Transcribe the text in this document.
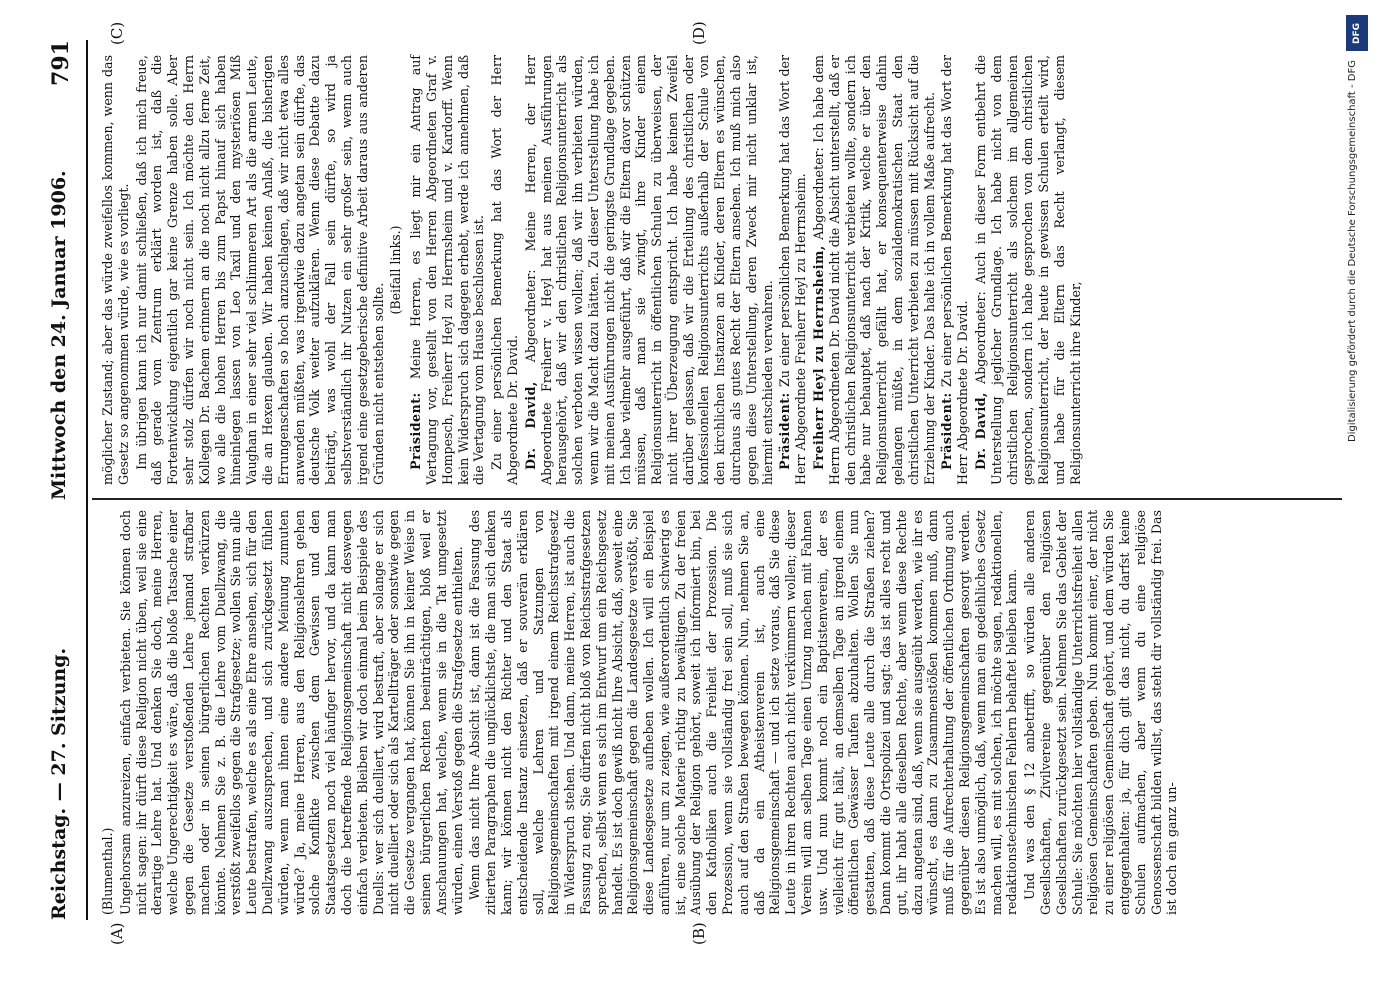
Reichstag. — 27. Sitzung.
Mittwoch den 24. Januar 1906.
791
(A)	(B)
(C)	(D)

(Blumenthal.) Ungehorsam anzureizen, einfach verbieten. Sie können doch nicht sagen: ihr dürft diese Religion nicht üben, weil sie eine derartige Lehre hat. Und denken Sie doch, meine Herren, welche Ungerechtigkeit es wäre, daß die bloße Tatsache einer gegen die Gesetze verstoßenden Lehre jemand strafbar machen oder in seinen bürgerlichen Rechten verkürzen könnte. Nehmen Sie z. B. die Lehre vom Duellzwang, die verstößt zweifellos gegen die Strafgesetze; wollen Sie nun alle Leute bestrafen, welche es als eine Ehre ansehen, sich für den Duellzwang auszusprechen, und sich zurückgesetzt fühlen würden, wenn man ihnen eine andere Meinung zumuten würde? Ja, meine Herren, aus den Religionslehren gehen solche Konflikte zwischen dem Gewissen und den Staatsgesetzen noch viel häufiger hervor, und da kann man doch die betreffende Religionsgemeinschaft nicht deswegen einfach verbieten. Bleiben wir doch einmal beim Beispiele des Duells: wer sich duelliert, wird bestraft, aber solange er sich nicht duelliert oder sich als Kartellträger oder sonstwie gegen die Gesetze vergangen hat, können Sie ihn in keiner Weise in seinen bürgerlichen Rechten beeinträchtigen, bloß weil er Anschauungen hat, welche, wenn sie in die Tat umgesetzt würden, einen Verstoß gegen die Strafgesetze enthielten. Wenn das nicht Ihre Absicht ist, dann ist die Fassung des zitierten Paragraphen die unglücklichste, die man sich denken kann; wir können nicht den Richter und den Staat als entscheidende Instanz einsetzen, daß er souverän erklären soll, welche Lehren und Satzungen von Religionsgemeinschaften mit irgend einem Reichsstrafgesetz in Widerspruch stehen. Und dann, meine Herren, ist auch die Fassung zu eng. Sie dürfen nicht bloß von Reichsstrafgesetzen sprechen, selbst wenn es sich im Entwurf um ein Reichsgesetz handelt. Es ist doch gewiß nicht Ihre Absicht, daß, soweit eine Religionsgemeinschaft gegen die Landesgesetze verstößt, Sie diese Landesgesetze aufheben wollen. Ich will ein Beispiel anführen, nur um zu zeigen, wie außerordentlich schwierig es ist, eine solche Materie richtig zu bewältigen. Zu der freien Ausübung der Religion gehört, soweit ich informiert bin, bei den Katholiken auch die Freiheit der Prozession. Die Prozession, wenn sie vollständig frei sein soll, muß sie sich auch auf den Straßen bewegen können. Nun, nehmen Sie an, daß da ein Atheistenverein ist, auch eine Religionsgemeinschaft — und ich setze voraus, daß Sie diese Leute in ihren Rechten auch nicht verkümmern wollen; dieser Verein will am selben Tage einen Umzug machen mit Fahnen usw. Und nun kommt noch ein Baptistenverein, der es vielleicht für gut hält, an demselben Tage an irgend einem öffentlichen Gewässer Taufen abzuhalten. Wollen Sie nun gestatten, daß diese Leute alle durch die Straßen ziehen? Dann kommt die Ortspolizei und sagt: das ist alles recht und gut, ihr habt alle dieselben Rechte, aber wenn diese Rechte dazu angetan sind, daß, wenn sie ausgeübt werden, wie ihr es wünscht, es dann zu Zusammenstößen kommen muß, dann muß für die Aufrechterhaltung der öffentlichen Ordnung auch gegenüber diesen Religionsgemeinschaften gesorgt werden. Es ist also unmöglich, daß, wenn man ein gedeihliches Gesetz machen will, es mit solchen, ich möchte sagen, redaktionellen, redaktionstechnischen Fehlern behaftet bleiben kann. Und was den § 12 anbetrifft, so würden alle anderen Gesellschaften, Zivilvereine gegenüber den religiösen Gesellschaften zurückgesetzt sein. Nehmen Sie das Gebiet der Schule: Sie möchten hier vollständige Unterrichtsfreiheit allen religiösen Gemeinschaften geben. Nun kommt einer, der nicht zu einer religiösen Gemeinschaft gehört, und dem würden Sie entgegenhalten: ja, für dich gilt das nicht, du darfst keine Schulen aufmachen, aber wenn du eine religiöse Genossenschaft bilden willst, das steht dir vollständig frei. Das ist doch ein ganz un-

möglicher Zustand; aber das würde zweifellos kommen, wenn das Gesetz so angenommen würde, wie es vorliegt. Im übrigen kann ich nur damit schließen, daß ich mich freue, daß gerade vom Zentrum erklärt worden ist, daß die Fortentwicklung eigentlich gar keine Grenze haben solle. Aber sehr stolz dürfen wir noch nicht sein. Ich möchte den Herrn Kollegen Dr. Bachem erinnern an die noch nicht allzu ferne Zeit, wo alle die hohen Herren bis zum Papst hinauf sich haben hineinlegen lassen von Leo Taxil und den mysteriösen Miß Vaughan in einer sehr viel schlimmeren Art als die armen Leute, die an Hexen glauben. Wir haben keinen Anlaß, die bisherigen Errungenschaften so hoch anzuschlagen, daß wir nicht etwa alles anwenden müßten, was irgendwie dazu angetan sein dürfte, das deutsche Volk weiter aufzuklären. Wenn diese Debatte dazu beiträgt, was wohl der Fall sein dürfte, so wird ja selbstverständlich ihr Nutzen ein sehr großer sein, wenn auch irgend eine gesetzgeberische definitive Arbeit daraus aus anderen Gründen nicht entstehen sollte.

(Beifall links.)

Präsident: Meine Herren, es liegt mir ein Antrag auf Vertagung vor, gestellt von den Herren Abgeordneten Graf v. Hompesch, Freiherr Heyl zu Herrnsheim und v. Kardorff. Wenn kein Widerspruch sich dagegen erhebt, werde ich annehmen, daß die Vertagung vom Hause beschlossen ist. Zu einer persönlichen Bemerkung hat das Wort der Herr Abgeordnete Dr. David. Dr. David, Abgeordneter: Meine Herren, der Herr Abgeordnete Freiherr v. Heyl hat aus meinen Ausführungen herausgehört, daß wir den christlichen Religionsunterricht als solchen verboten wissen wollen; daß wir ihn verbieten würden, wenn wir die Macht dazu hätten. Zu dieser Unterstellung habe ich mit meinen Ausführungen nicht die geringste Grundlage gegeben. Ich habe vielmehr ausgeführt, daß wir die Eltern davor schützen müssen, daß man sie zwingt, ihre Kinder einem Religionsunterricht in öffentlichen Schulen zu überweisen, der nicht ihrer Überzeugung entspricht. Ich habe keinen Zweifel darüber gelassen, daß wir die Erteilung des christlichen oder konfessionellen Religionsunterrichts außerhalb der Schule von den kirchlichen Instanzen an Kinder, deren Eltern es wünschen, durchaus als gutes Recht der Eltern ansehen. Ich muß mich also gegen diese Unterstellung, deren Zweck mir nicht unklar ist, hiermit entschieden verwahren. Präsident: Zu einer persönlichen Bemerkung hat das Wort der Herr Abgeordnete Freiherr Heyl zu Herrnsheim. Freiherr Heyl zu Herrnsheim, Abgeordneter: Ich habe dem Herrn Abgeordneten Dr. David nicht die Absicht unterstellt, daß er den christlichen Religionsunterricht verbieten wollte, sondern ich habe nur behauptet, daß nach der Kritik, welche er über den Religionsunterricht gefällt hat, er konsequenterweise dahin gelangen müßte, in dem sozialdemokratischen Staat den christlichen Unterricht verbieten zu müssen mit Rücksicht auf die Erziehung der Kinder. Das halte ich in vollem Maße aufrecht. Präsident: Zu einer persönlichen Bemerkung hat das Wort der Herr Abgeordnete Dr. David. Dr. David, Abgeordneter: Auch in dieser Form entbehrt die Unterstellung jeglicher Grundlage. Ich habe nicht von dem christlichen Religionsunterricht als solchem im allgemeinen gesprochen, sondern ich habe gesprochen von dem christlichen Religionsunterricht, der heute in gewissen Schulen erteilt wird, und habe für die Eltern das Recht verlangt, diesem Religionsunterricht ihre Kinder,

DFG
Digitalisierung gefördert durch die Deutsche Forschungsgemeinschaft - DFG
